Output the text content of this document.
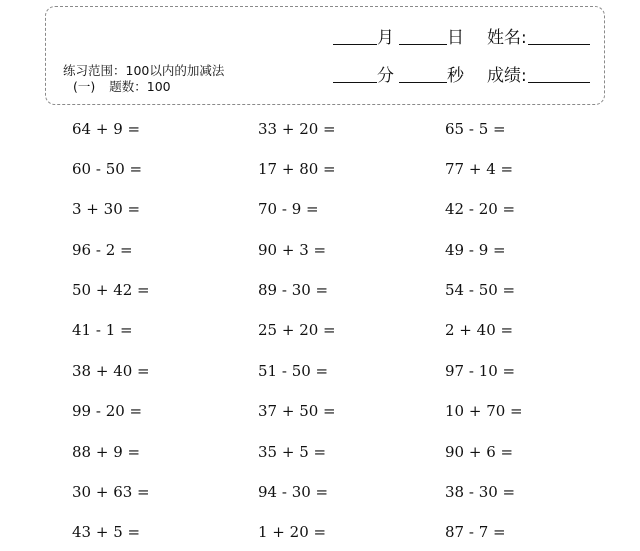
练习范围：100以内的加减法
(一) 题数：100
月	日 姓名:
分	秒 成绩:
64 + 9 =
60 - 50 =
3 + 30 =
96 - 2 =
50 + 42 =
41 - 1 =
38 + 40 =
99 - 20 =
88 + 9 =
30 + 63 =
43 + 5 =
33 + 20 =
17 + 80 =
70 - 9 =
90 + 3 =
89 - 30 =
25 + 20 =
51 - 50 =
37 + 50 =
35 + 5 =
94 - 30 =
1 + 20 =
65 - 5 =
77 + 4 =
42 - 20 =
49 - 9 =
54 - 50 =
2 + 40 =
97 - 10 =
10 + 70 =
90 + 6 =
38 - 30 =
87 - 7 =
